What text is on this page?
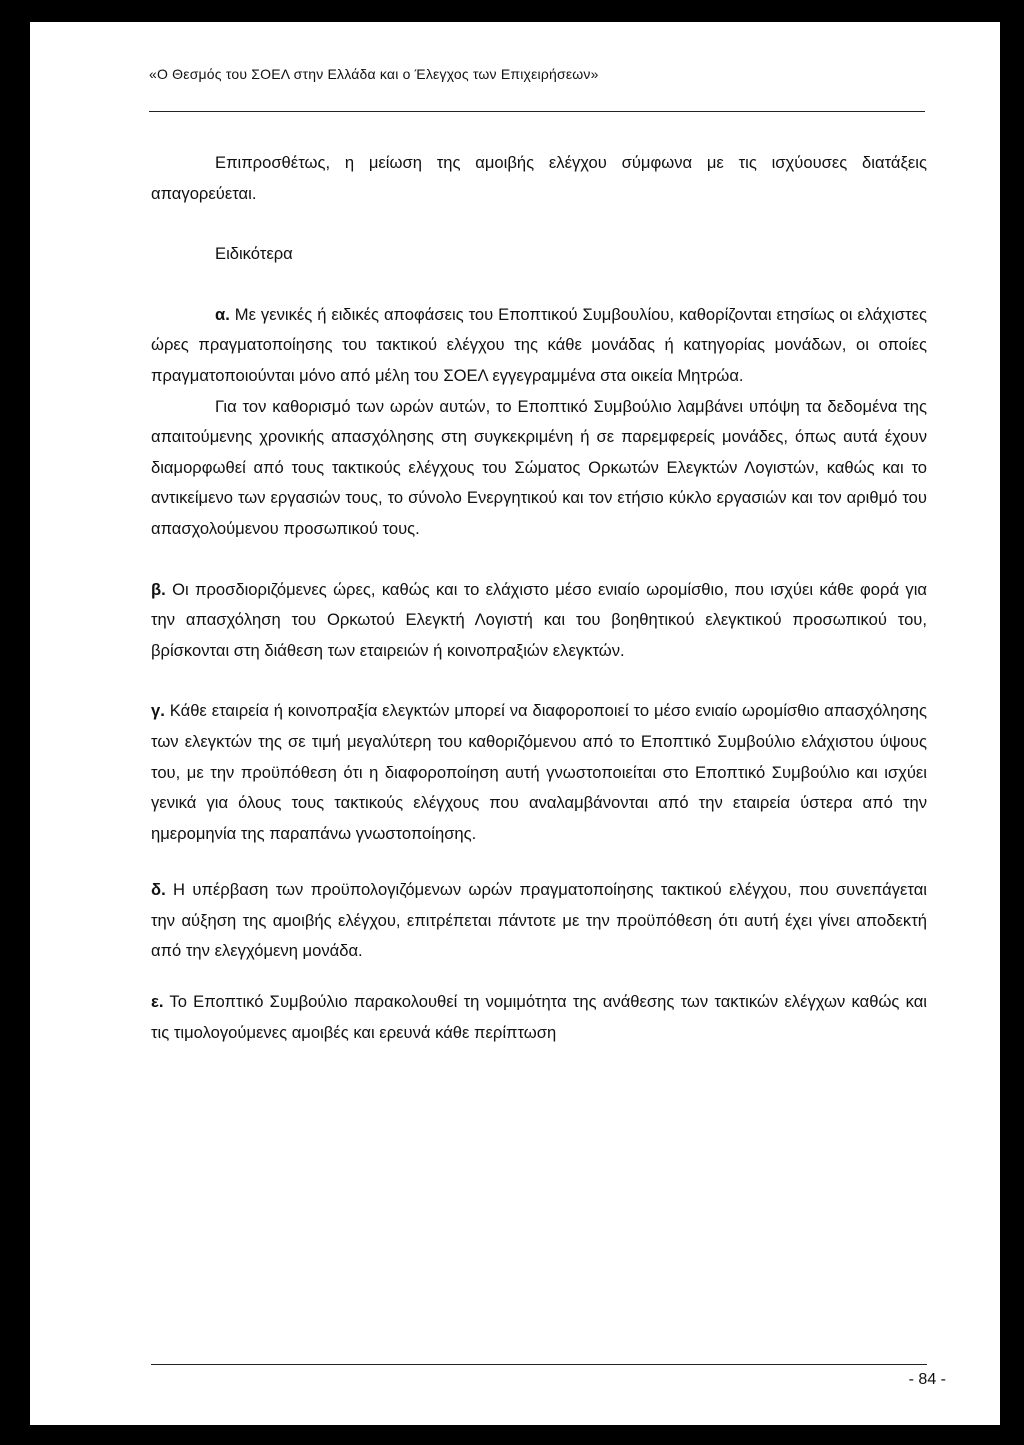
«Ο Θεσμός του ΣΟΕΛ στην Ελλάδα και ο Έλεγχος των Επιχειρήσεων»

Επιπροσθέτως, η μείωση της αμοιβής ελέγχου σύμφωνα με τις ισχύουσες διατάξεις απαγορεύεται.

Ειδικότερα

α. Με γενικές ή ειδικές αποφάσεις του Εποπτικού Συμβουλίου, καθορίζονται ετησίως οι ελάχιστες ώρες πραγματοποίησης του τακτικού ελέγχου της κάθε μονάδας ή κατηγορίας μονάδων, οι οποίες πραγματοποιούνται μόνο από μέλη του ΣΟΕΛ εγγεγραμμένα στα οικεία Μητρώα.

Για τον καθορισμό των ωρών αυτών, το Εποπτικό Συμβούλιο λαμβάνει υπόψη τα δεδομένα της απαιτούμενης χρονικής απασχόλησης στη συγκεκριμένη ή σε παρεμφερείς μονάδες, όπως αυτά έχουν διαμορφωθεί από τους τακτικούς ελέγχους του Σώματος Ορκωτών Ελεγκτών Λογιστών, καθώς και το αντικείμενο των εργασιών τους, το σύνολο Ενεργητικού και τον ετήσιο κύκλο εργασιών και τον αριθμό του απασχολούμενου προσωπικού τους.

β. Οι προσδιοριζόμενες ώρες, καθώς και το ελάχιστο μέσο ενιαίο ωρομίσθιο, που ισχύει κάθε φορά για την απασχόληση του Ορκωτού Ελεγκτή Λογιστή και του βοηθητικού ελεγκτικού προσωπικού του, βρίσκονται στη διάθεση των εταιρειών ή κοινοπραξιών ελεγκτών.

γ. Κάθε εταιρεία ή κοινοπραξία ελεγκτών μπορεί να διαφοροποιεί το μέσο ενιαίο ωρομίσθιο απασχόλησης των ελεγκτών της σε τιμή μεγαλύτερη του καθοριζόμενου από το Εποπτικό Συμβούλιο ελάχιστου ύψους του, με την προϋπόθεση ότι η διαφοροποίηση αυτή γνωστοποιείται στο Εποπτικό Συμβούλιο και ισχύει γενικά για όλους τους τακτικούς ελέγχους που αναλαμβάνονται από την εταιρεία ύστερα από την ημερομηνία της παραπάνω γνωστοποίησης.

δ. Η υπέρβαση των προϋπολογιζόμενων ωρών πραγματοποίησης τακτικού ελέγχου, που συνεπάγεται την αύξηση της αμοιβής ελέγχου, επιτρέπεται πάντοτε με την προϋπόθεση ότι αυτή έχει γίνει αποδεκτή από την ελεγχόμενη μονάδα.

ε. Το Εποπτικό Συμβούλιο παρακολουθεί τη νομιμότητα της ανάθεσης των τακτικών ελέγχων καθώς και τις τιμολογούμενες αμοιβές και ερευνά κάθε περίπτωση

- 84 -
